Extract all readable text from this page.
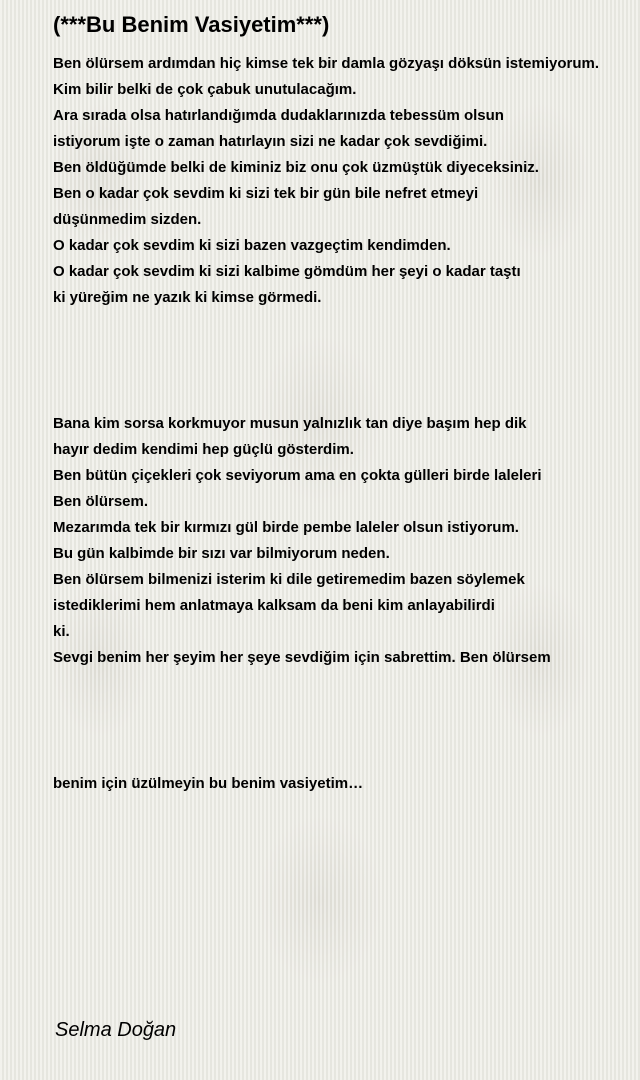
(***Bu Benim Vasiyetim***)
Ben ölürsem ardımdan hiç kimse tek bir damla gözyaşı döksün istemiyorum.
Kim bilir belki de çok çabuk unutulacağım.
Ara sırada olsa hatırlandığımda dudaklarınızda tebessüm olsun
istiyorum işte o zaman hatırlayın sizi ne kadar çok sevdiğimi.
Ben öldüğümde belki de kiminiz biz onu çok üzmüştük diyeceksiniz.
Ben o kadar çok sevdim ki sizi tek bir gün bile nefret etmeyi
düşünmedim sizden.
O kadar çok sevdim ki sizi bazen vazgeçtim kendimden.
O kadar çok sevdim ki sizi kalbime gömdüm her şeyi o kadar taştı
ki yüreğim ne yazık ki kimse görmedi.
Bana kim sorsa korkmuyor musun yalnızlık tan diye başım hep dik
hayır dedim kendimi hep güçlü gösterdim.
Ben bütün çiçekleri çok seviyorum ama en çokta gülleri birde laleleri
Ben ölürsem.
Mezarımda tek bir kırmızı gül birde pembe laleler olsun istiyorum.
Bu gün kalbimde bir sızı var bilmiyorum neden.
Ben ölürsem bilmenizi isterim ki dile getiremedim bazen söylemek
istediklerimi hem anlatmaya kalksam da beni kim anlayabilirdi
ki.
Sevgi benim her şeyim her şeye sevdiğim için sabrettim. Ben ölürsem
benim için üzülmeyin bu benim vasiyetim…
Selma Doğan
